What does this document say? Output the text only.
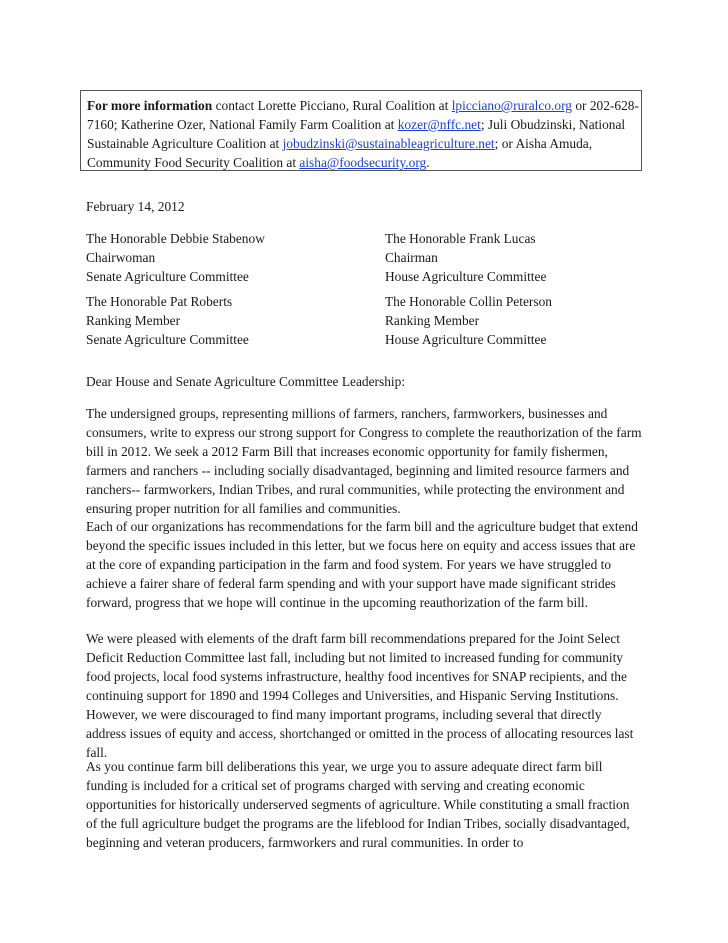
For more information contact Lorette Picciano, Rural Coalition at lpicciano@ruralco.org or 202-628-7160; Katherine Ozer, National Family Farm Coalition at kozer@nffc.net; Juli Obudzinski, National Sustainable Agriculture Coalition at jobudzinski@sustainableagriculture.net; or Aisha Amuda, Community Food Security Coalition at aisha@foodsecurity.org.
February 14, 2012
The Honorable Debbie Stabenow
Chairwoman
Senate Agriculture Committee
The Honorable Frank Lucas
Chairman
House Agriculture Committee
The Honorable Pat Roberts
Ranking Member
Senate Agriculture Committee
The Honorable Collin Peterson
Ranking Member
House Agriculture Committee
Dear House and Senate Agriculture Committee Leadership:

The undersigned groups, representing millions of farmers, ranchers, farmworkers, businesses and consumers, write to express our strong support for Congress to complete the reauthorization of the farm bill in 2012. We seek a 2012 Farm Bill that increases economic opportunity for family fishermen, farmers and ranchers -- including socially disadvantaged, beginning and limited resource farmers and ranchers-- farmworkers, Indian Tribes, and rural communities, while protecting the environment and ensuring proper nutrition for all families and communities.

Each of our organizations has recommendations for the farm bill and the agriculture budget that extend beyond the specific issues included in this letter, but we focus here on equity and access issues that are at the core of expanding participation in the farm and food system. For years we have struggled to achieve a fairer share of federal farm spending and with your support have made significant strides forward, progress that we hope will continue in the upcoming reauthorization of the farm bill.

We were pleased with elements of the draft farm bill recommendations prepared for the Joint Select Deficit Reduction Committee last fall, including but not limited to increased funding for community food projects, local food systems infrastructure, healthy food incentives for SNAP recipients, and the continuing support for 1890 and 1994 Colleges and Universities, and Hispanic Serving Institutions. However, we were discouraged to find many important programs, including several that directly address issues of equity and access, shortchanged or omitted in the process of allocating resources last fall.

As you continue farm bill deliberations this year, we urge you to assure adequate direct farm bill funding is included for a critical set of programs charged with serving and creating economic opportunities for historically underserved segments of agriculture. While constituting a small fraction of the full agriculture budget the programs are the lifeblood for Indian Tribes, socially disadvantaged, beginning and veteran producers, farmworkers and rural communities. In order to
